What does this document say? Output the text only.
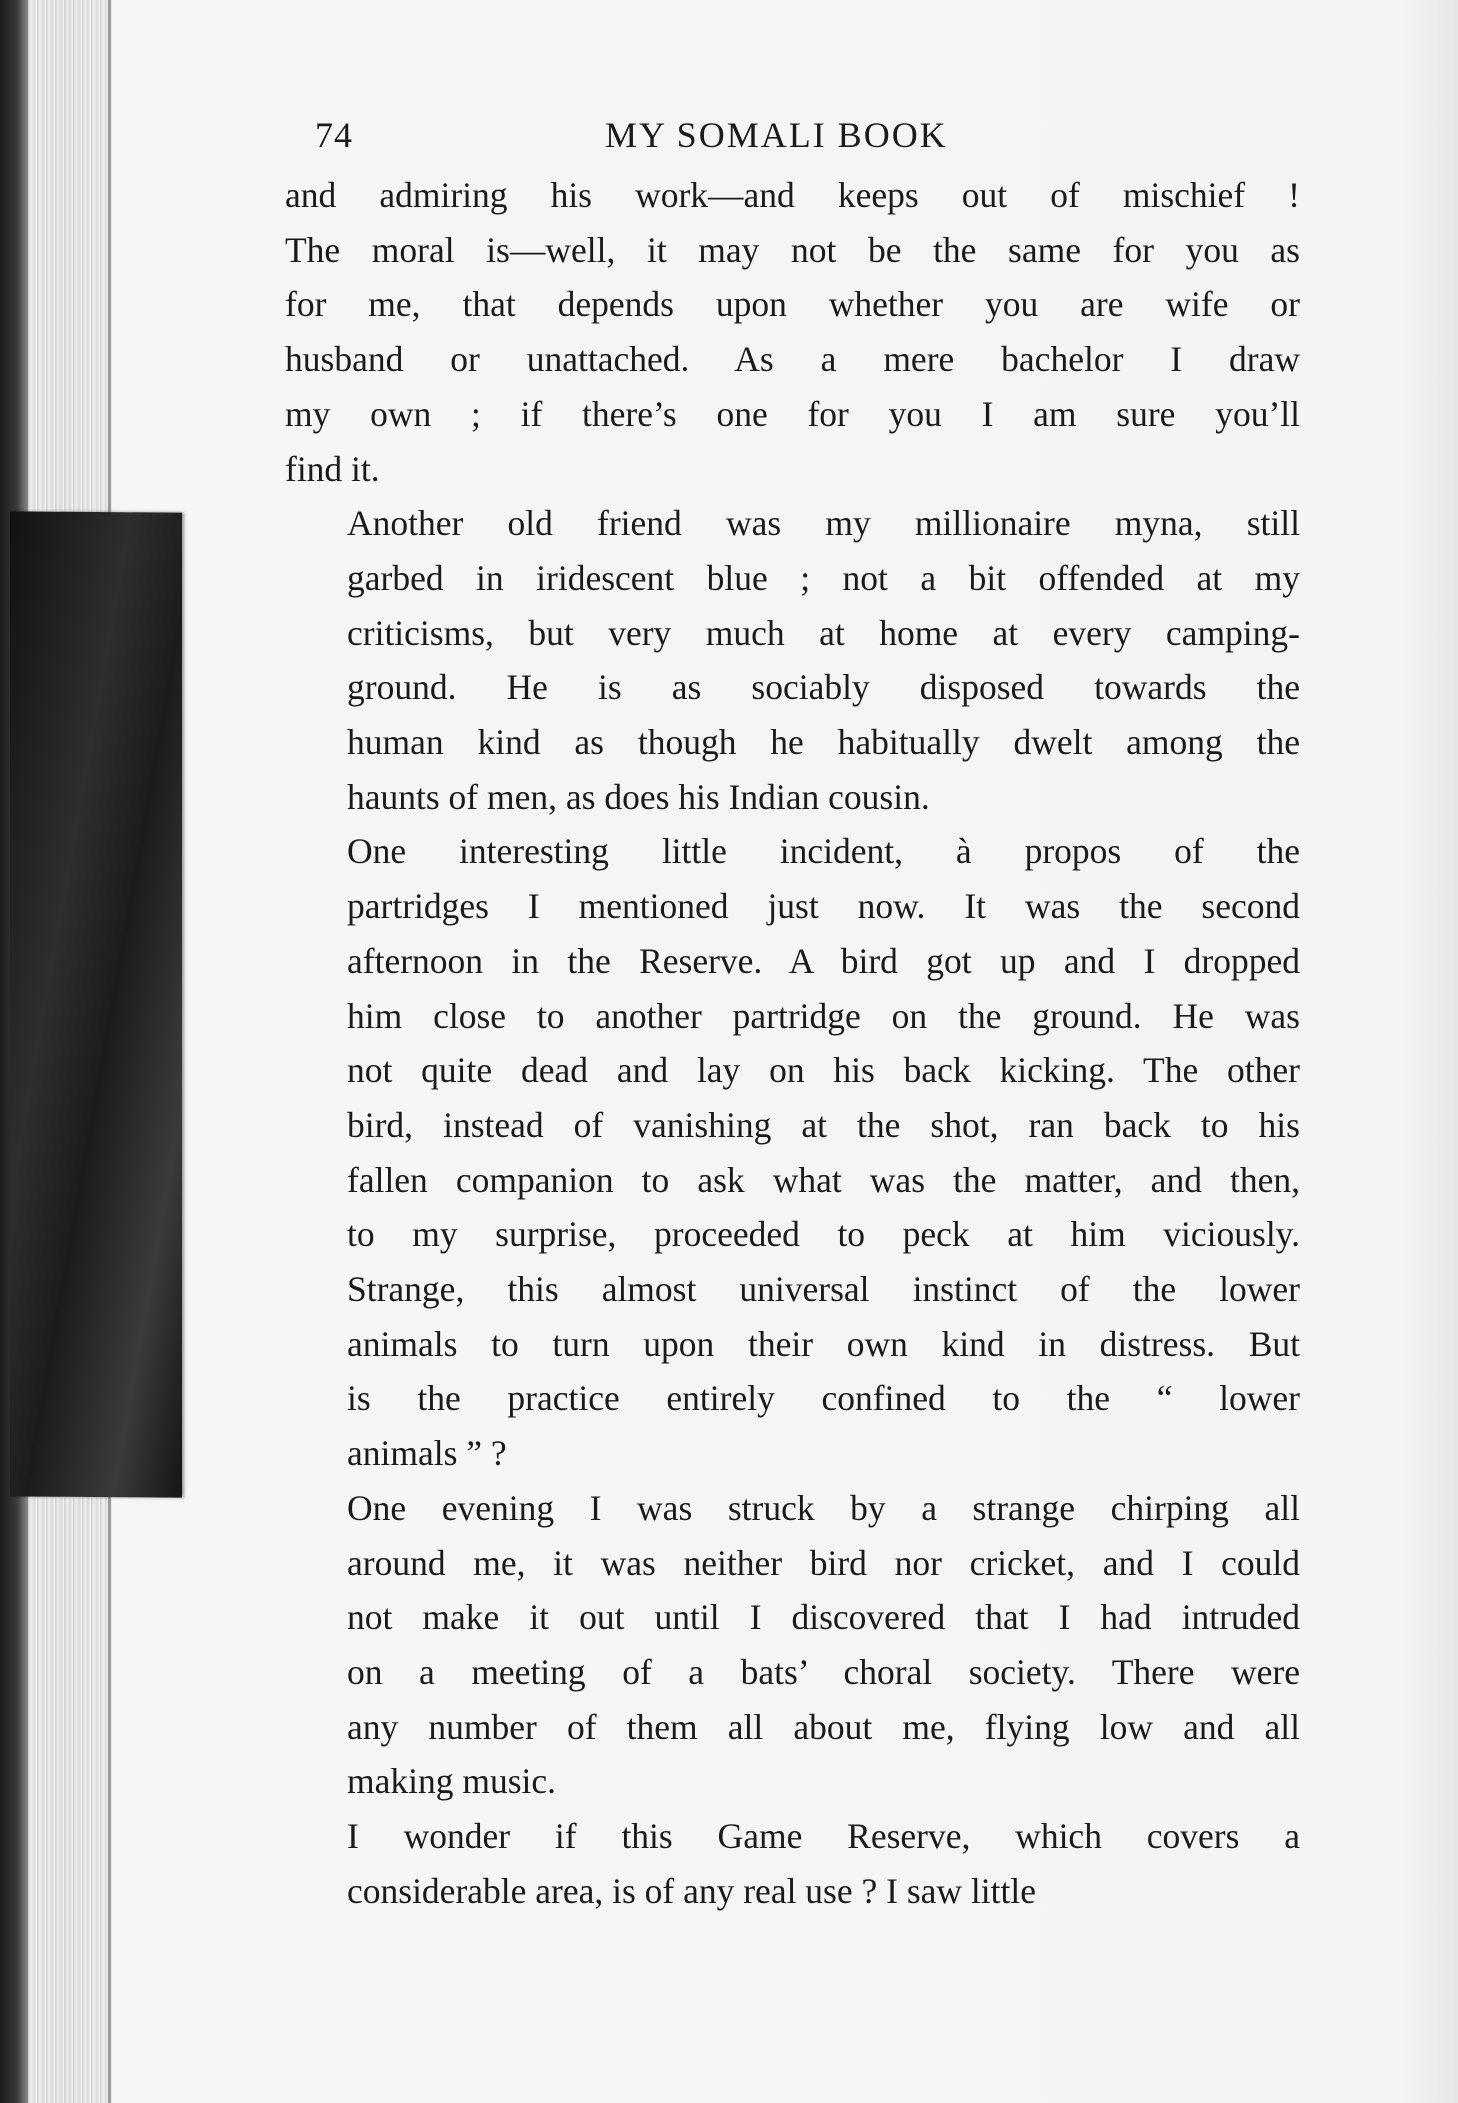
74	MY SOMALI BOOK

and admiring his work—and keeps out of mischief !
The moral is—well, it may not be the same for you as
for me, that depends upon whether you are wife or
husband or unattached. As a mere bachelor I draw
my own ; if there’s one for you I am sure you’ll
find it.

Another old friend was my millionaire myna, still
garbed in iridescent blue ; not a bit offended at my
criticisms, but very much at home at every camping-
ground. He is as sociably disposed towards the
human kind as though he habitually dwelt among the
haunts of men, as does his Indian cousin.

One interesting little incident, à propos of the
partridges I mentioned just now. It was the second
afternoon in the Reserve. A bird got up and I dropped
him close to another partridge on the ground. He was
not quite dead and lay on his back kicking. The other
bird, instead of vanishing at the shot, ran back to his
fallen companion to ask what was the matter, and then,
to my surprise, proceeded to peck at him viciously.
Strange, this almost universal instinct of the lower
animals to turn upon their own kind in distress. But
is the practice entirely confined to the “ lower
animals ” ?

One evening I was struck by a strange chirping all
around me, it was neither bird nor cricket, and I could
not make it out until I discovered that I had intruded
on a meeting of a bats’ choral society. There were
any number of them all about me, flying low and all
making music.

I wonder if this Game Reserve, which covers a
considerable area, is of any real use ? I saw little
